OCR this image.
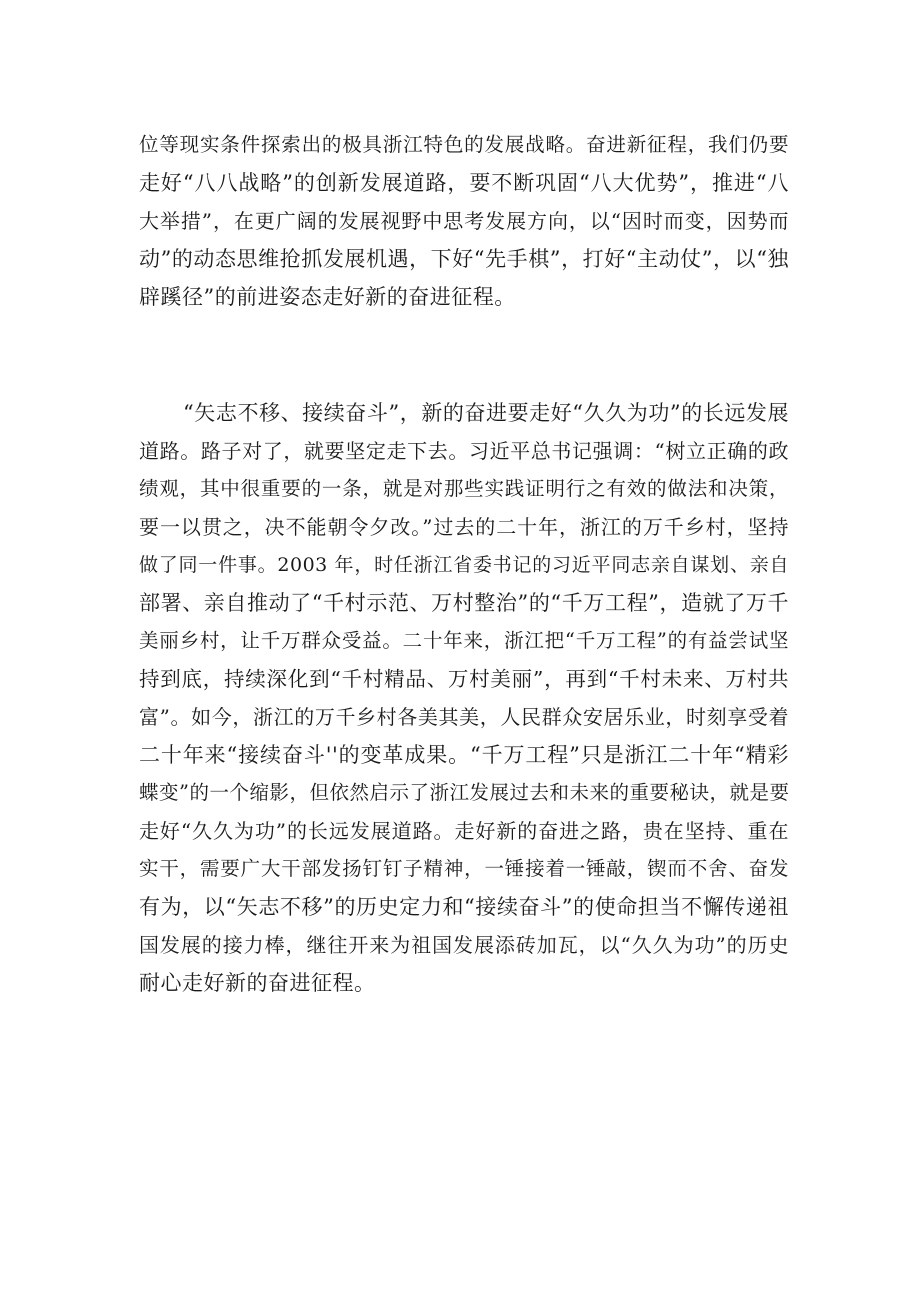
位等现实条件探索出的极具浙江特色的发展战略。奋进新征程，我们仍要
走好“八八战略”的创新发展道路，要不断巩固“八大优势”，推进“八
大举措”，在更广阔的发展视野中思考发展方向，以“因时而变，因势而
动”的动态思维抢抓发展机遇，下好“先手棋”，打好“主动仗”，以“独
辟蹊径”的前进姿态走好新的奋进征程。
“矢志不移、接续奋斗”，新的奋进要走好“久久为功”的长远发展
道路。路子对了，就要坚定走下去。习近平总书记强调：“树立正确的政
绩观，其中很重要的一条，就是对那些实践证明行之有效的做法和决策，
要一以贯之，决不能朝令夕改。”过去的二十年，浙江的万千乡村，坚持
做了同一件事。2003 年，时任浙江省委书记的习近平同志亲自谋划、亲自
部署、亲自推动了“千村示范、万村整治”的“千万工程”，造就了万千
美丽乡村，让千万群众受益。二十年来，浙江把“千万工程”的有益尝试坚
持到底，持续深化到“千村精品、万村美丽”，再到“千村未来、万村共
富”。如今，浙江的万千乡村各美其美，人民群众安居乐业，时刻享受着
二十年来“接续奋斗''的变革成果。“千万工程”只是浙江二十年“精彩
蝶变”的一个缩影，但依然启示了浙江发展过去和未来的重要秘诀，就是要
走好“久久为功”的长远发展道路。走好新的奋进之路，贵在坚持、重在
实干，需要广大干部发扬钉钉子精神，一锤接着一锤敲，锲而不舍、奋发
有为，以“矢志不移”的历史定力和“接续奋斗”的使命担当不懈传递祖
国发展的接力棒，继往开来为祖国发展添砖加瓦，以“久久为功”的历史
耐心走好新的奋进征程。
